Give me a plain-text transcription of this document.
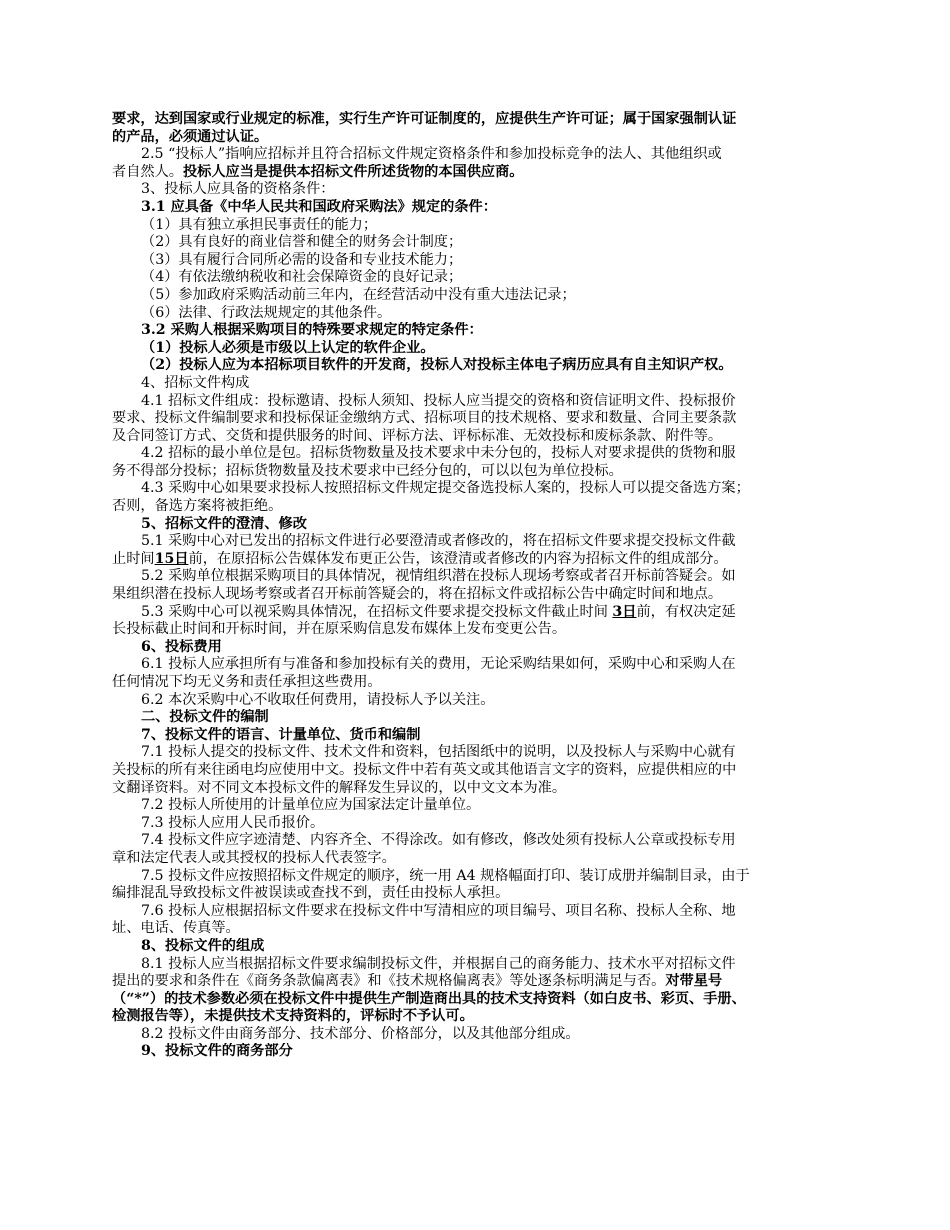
要求，达到国家或行业规定的标准，实行生产许可证制度的，应提供生产许可证；属于国家强制认证
的产品，必须通过认证。
2.5 “投标人”指响应招标并且符合招标文件规定资格条件和参加投标竞争的法人、其他组织或
者自然人。投标人应当是提供本招标文件所述货物的本国供应商。
3、投标人应具备的资格条件：
3.1 应具备《中华人民共和国政府采购法》规定的条件：
（1）具有独立承担民事责任的能力；
（2）具有良好的商业信誉和健全的财务会计制度；
（3）具有履行合同所必需的设备和专业技术能力；
（4）有依法缴纳税收和社会保障资金的良好记录；
（5）参加政府采购活动前三年内，在经营活动中没有重大违法记录；
（6）法律、行政法规规定的其他条件。
3.2 采购人根据采购项目的特殊要求规定的特定条件：
（1）投标人必须是市级以上认定的软件企业。
（2）投标人应为本招标项目软件的开发商，投标人对投标主体电子病历应具有自主知识产权。
4、招标文件构成
4.1 招标文件组成：投标邀请、投标人须知、投标人应当提交的资格和资信证明文件、投标报价
要求、投标文件编制要求和投标保证金缴纳方式、招标项目的技术规格、要求和数量、合同主要条款
及合同签订方式、交货和提供服务的时间、评标方法、评标标准、无效投标和废标条款、附件等。
4.2 招标的最小单位是包。招标货物数量及技术要求中未分包的，投标人对要求提供的货物和服
务不得部分投标；招标货物数量及技术要求中已经分包的，可以以包为单位投标。
4.3 采购中心如果要求投标人按照招标文件规定提交备选投标人案的，投标人可以提交备选方案；
否则，备选方案将被拒绝。
5、招标文件的澄清、修改
5.1 采购中心对已发出的招标文件进行必要澄清或者修改的，将在招标文件要求提交投标文件截
止时间15日前，在原招标公告媒体发布更正公告，该澄清或者修改的内容为招标文件的组成部分。
5.2 采购单位根据采购项目的具体情况，视情组织潜在投标人现场考察或者召开标前答疑会。如
果组织潜在投标人现场考察或者召开标前答疑会的，将在招标文件或招标公告中确定时间和地点。
5.3 采购中心可以视采购具体情况，在招标文件要求提交投标文件截止时间 3日前，有权决定延
长投标截止时间和开标时间，并在原采购信息发布媒体上发布变更公告。
6、投标费用
6.1 投标人应承担所有与准备和参加投标有关的费用，无论采购结果如何，采购中心和采购人在
任何情况下均无义务和责任承担这些费用。
6.2 本次采购中心不收取任何费用，请投标人予以关注。
二、投标文件的编制
7、投标文件的语言、计量单位、货币和编制
7.1 投标人提交的投标文件、技术文件和资料，包括图纸中的说明，以及投标人与采购中心就有
关投标的所有来往函电均应使用中文。投标文件中若有英文或其他语言文字的资料，应提供相应的中
文翻译资料。对不同文本投标文件的解释发生异议的，以中文文本为准。
7.2 投标人所使用的计量单位应为国家法定计量单位。
7.3 投标人应用人民币报价。
7.4 投标文件应字迹清楚、内容齐全、不得涂改。如有修改，修改处须有投标人公章或投标专用
章和法定代表人或其授权的投标人代表签字。
7.5 投标文件应按照招标文件规定的顺序，统一用 A4 规格幅面打印、装订成册并编制目录，由于
编排混乱导致投标文件被误读或查找不到，责任由投标人承担。
7.6 投标人应根据招标文件要求在投标文件中写清相应的项目编号、项目名称、投标人全称、地
址、电话、传真等。
8、投标文件的组成
8.1 投标人应当根据招标文件要求编制投标文件，并根据自己的商务能力、技术水平对招标文件
提出的要求和条件在《商务条款偏离表》和《技术规格偏离表》等处逐条标明满足与否。对带星号
（“*”）的技术参数必须在投标文件中提供生产制造商出具的技术支持资料（如白皮书、彩页、手册、
检测报告等），未提供技术支持资料的，评标时不予认可。
8.2 投标文件由商务部分、技术部分、价格部分，以及其他部分组成。
9、投标文件的商务部分
